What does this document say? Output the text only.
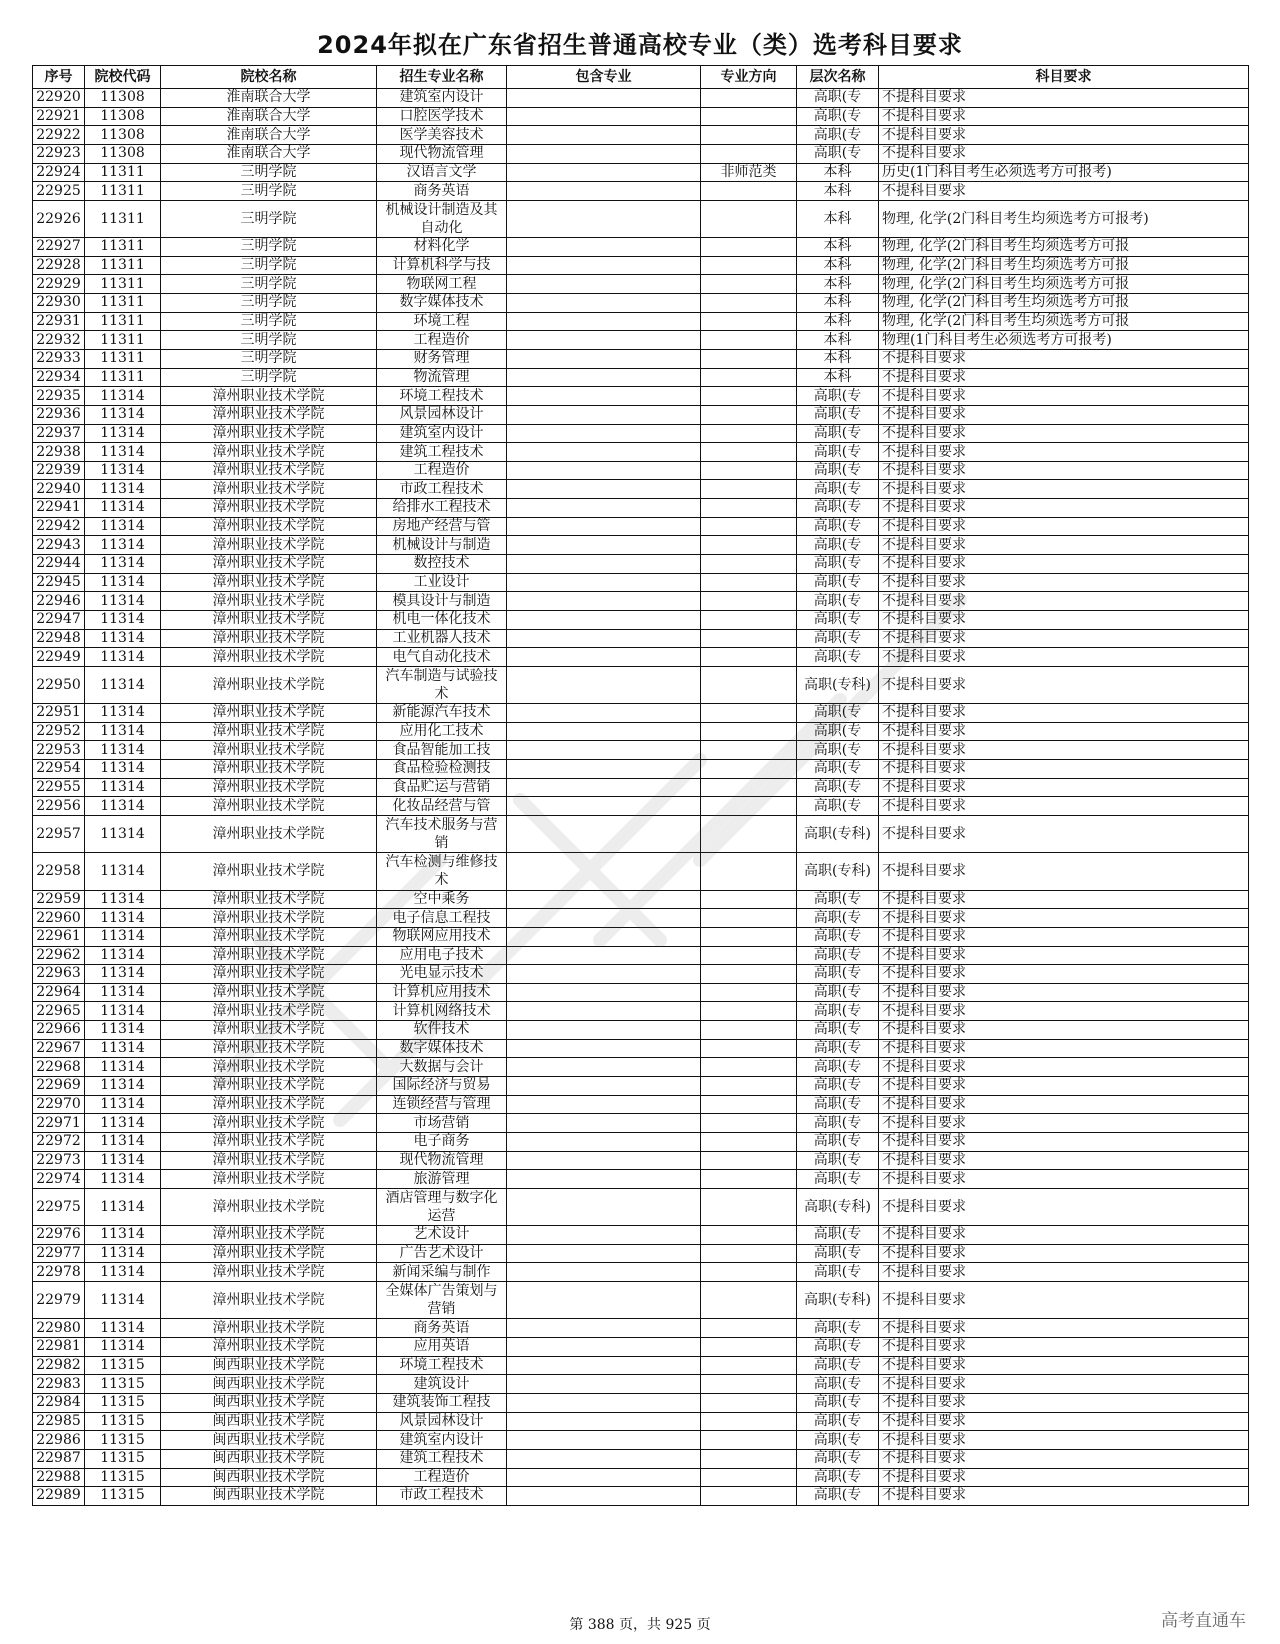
2024年拟在广东省招生普通高校专业（类）选考科目要求
序号	院校代码	院校名称	招生专业名称	包含专业	专业方向	层次名称	科目要求
22920	11308	淮南联合大学	建筑室内设计			高职(专	不提科目要求
22921	11308	淮南联合大学	口腔医学技术			高职(专	不提科目要求
22922	11308	淮南联合大学	医学美容技术			高职(专	不提科目要求
22923	11308	淮南联合大学	现代物流管理			高职(专	不提科目要求
22924	11311	三明学院	汉语言文学		非师范类	本科	历史(1门科目考生必须选考方可报考)
22925	11311	三明学院	商务英语			本科	不提科目要求
22926	11311	三明学院	机械设计制造及其自动化			本科	物理, 化学(2门科目考生均须选考方可报考)
22927	11311	三明学院	材料化学			本科	物理, 化学(2门科目考生均须选考方可报
22928	11311	三明学院	计算机科学与技			本科	物理, 化学(2门科目考生均须选考方可报
22929	11311	三明学院	物联网工程			本科	物理, 化学(2门科目考生均须选考方可报
22930	11311	三明学院	数字媒体技术			本科	物理, 化学(2门科目考生均须选考方可报
22931	11311	三明学院	环境工程			本科	物理, 化学(2门科目考生均须选考方可报
22932	11311	三明学院	工程造价			本科	物理(1门科目考生必须选考方可报考)
22933	11311	三明学院	财务管理			本科	不提科目要求
22934	11311	三明学院	物流管理			本科	不提科目要求
22935	11314	漳州职业技术学院	环境工程技术			高职(专	不提科目要求
22936	11314	漳州职业技术学院	风景园林设计			高职(专	不提科目要求
22937	11314	漳州职业技术学院	建筑室内设计			高职(专	不提科目要求
22938	11314	漳州职业技术学院	建筑工程技术			高职(专	不提科目要求
22939	11314	漳州职业技术学院	工程造价			高职(专	不提科目要求
22940	11314	漳州职业技术学院	市政工程技术			高职(专	不提科目要求
22941	11314	漳州职业技术学院	给排水工程技术			高职(专	不提科目要求
22942	11314	漳州职业技术学院	房地产经营与管			高职(专	不提科目要求
22943	11314	漳州职业技术学院	机械设计与制造			高职(专	不提科目要求
22944	11314	漳州职业技术学院	数控技术			高职(专	不提科目要求
22945	11314	漳州职业技术学院	工业设计			高职(专	不提科目要求
22946	11314	漳州职业技术学院	模具设计与制造			高职(专	不提科目要求
22947	11314	漳州职业技术学院	机电一体化技术			高职(专	不提科目要求
22948	11314	漳州职业技术学院	工业机器人技术			高职(专	不提科目要求
22949	11314	漳州职业技术学院	电气自动化技术			高职(专	不提科目要求
22950	11314	漳州职业技术学院	汽车制造与试验技术			高职(专科)	不提科目要求
22951	11314	漳州职业技术学院	新能源汽车技术			高职(专	不提科目要求
22952	11314	漳州职业技术学院	应用化工技术			高职(专	不提科目要求
22953	11314	漳州职业技术学院	食品智能加工技			高职(专	不提科目要求
22954	11314	漳州职业技术学院	食品检验检测技			高职(专	不提科目要求
22955	11314	漳州职业技术学院	食品贮运与营销			高职(专	不提科目要求
22956	11314	漳州职业技术学院	化妆品经营与管			高职(专	不提科目要求
22957	11314	漳州职业技术学院	汽车技术服务与营销			高职(专科)	不提科目要求
22958	11314	漳州职业技术学院	汽车检测与维修技术			高职(专科)	不提科目要求
22959	11314	漳州职业技术学院	空中乘务			高职(专	不提科目要求
22960	11314	漳州职业技术学院	电子信息工程技			高职(专	不提科目要求
22961	11314	漳州职业技术学院	物联网应用技术			高职(专	不提科目要求
22962	11314	漳州职业技术学院	应用电子技术			高职(专	不提科目要求
22963	11314	漳州职业技术学院	光电显示技术			高职(专	不提科目要求
22964	11314	漳州职业技术学院	计算机应用技术			高职(专	不提科目要求
22965	11314	漳州职业技术学院	计算机网络技术			高职(专	不提科目要求
22966	11314	漳州职业技术学院	软件技术			高职(专	不提科目要求
22967	11314	漳州职业技术学院	数字媒体技术			高职(专	不提科目要求
22968	11314	漳州职业技术学院	大数据与会计			高职(专	不提科目要求
22969	11314	漳州职业技术学院	国际经济与贸易			高职(专	不提科目要求
22970	11314	漳州职业技术学院	连锁经营与管理			高职(专	不提科目要求
22971	11314	漳州职业技术学院	市场营销			高职(专	不提科目要求
22972	11314	漳州职业技术学院	电子商务			高职(专	不提科目要求
22973	11314	漳州职业技术学院	现代物流管理			高职(专	不提科目要求
22974	11314	漳州职业技术学院	旅游管理			高职(专	不提科目要求
22975	11314	漳州职业技术学院	酒店管理与数字化运营			高职(专科)	不提科目要求
22976	11314	漳州职业技术学院	艺术设计			高职(专	不提科目要求
22977	11314	漳州职业技术学院	广告艺术设计			高职(专	不提科目要求
22978	11314	漳州职业技术学院	新闻采编与制作			高职(专	不提科目要求
22979	11314	漳州职业技术学院	全媒体广告策划与营销			高职(专科)	不提科目要求
22980	11314	漳州职业技术学院	商务英语			高职(专	不提科目要求
22981	11314	漳州职业技术学院	应用英语			高职(专	不提科目要求
22982	11315	闽西职业技术学院	环境工程技术			高职(专	不提科目要求
22983	11315	闽西职业技术学院	建筑设计			高职(专	不提科目要求
22984	11315	闽西职业技术学院	建筑装饰工程技			高职(专	不提科目要求
22985	11315	闽西职业技术学院	风景园林设计			高职(专	不提科目要求
22986	11315	闽西职业技术学院	建筑室内设计			高职(专	不提科目要求
22987	11315	闽西职业技术学院	建筑工程技术			高职(专	不提科目要求
22988	11315	闽西职业技术学院	工程造价			高职(专	不提科目要求
22989	11315	闽西职业技术学院	市政工程技术			高职(专	不提科目要求
第 388 页，共 925 页	高考直通车
